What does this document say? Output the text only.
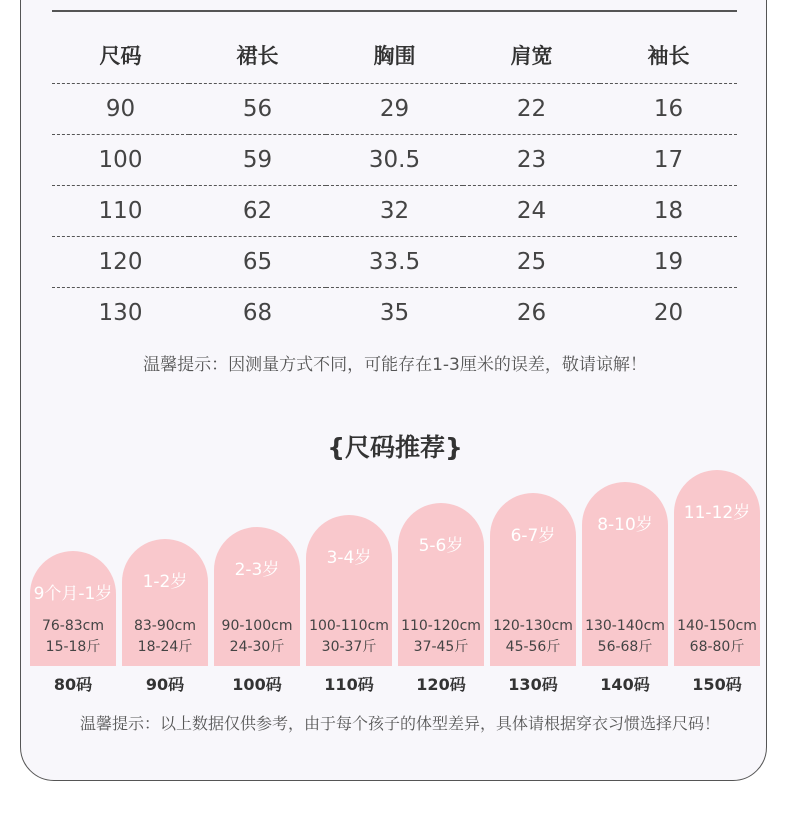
尺码	裙长	胸围	肩宽	袖长
90	56	29	22	16
100	59	30.5	23	17
110	62	32	24	18
120	65	33.5	25	19
130	68	35	26	20
温馨提示：因测量方式不同，可能存在1-3厘米的误差，敬请谅解！
{尺码推荐}
9个月-1岁
76-83cm
15-18斤
1-2岁
83-90cm
18-24斤
2-3岁
90-100cm
24-30斤
3-4岁
100-110cm
30-37斤
5-6岁
110-120cm
37-45斤
6-7岁
120-130cm
45-56斤
8-10岁
130-140cm
56-68斤
11-12岁
140-150cm
68-80斤
80码	90码	100码	110码	120码	130码	140码	150码
温馨提示：以上数据仅供参考，由于每个孩子的体型差异，具体请根据穿衣习惯选择尺码！
